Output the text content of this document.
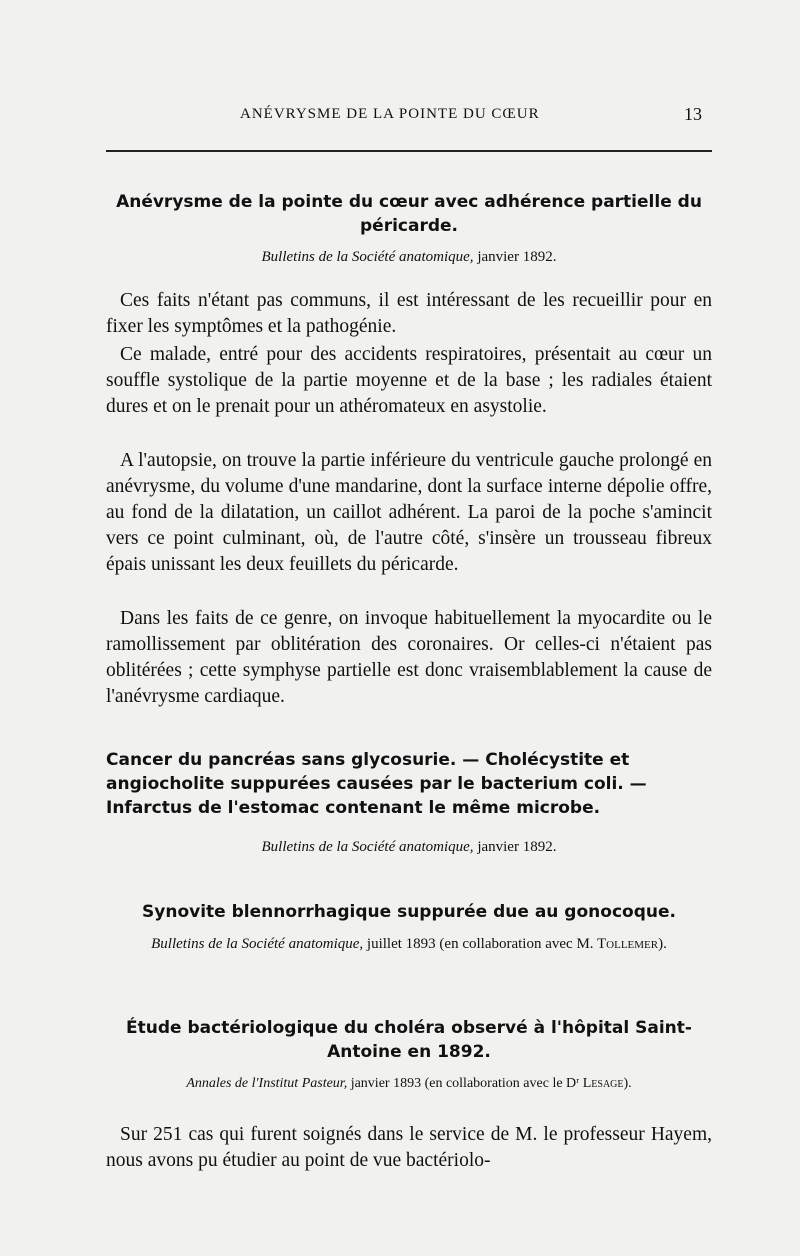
ANÉVRYSME DE LA POINTE DU CŒUR	13
Anévrysme de la pointe du cœur avec adhérence partielle du péricarde.

Bulletins de la Société anatomique, janvier 1892.

Ces faits n'étant pas communs, il est intéressant de les recueillir pour en fixer les symptômes et la pathogénie.

Ce malade, entré pour des accidents respiratoires, présentait au cœur un souffle systolique de la partie moyenne et de la base ; les radiales étaient dures et on le prenait pour un athéromateux en asystolie.

A l'autopsie, on trouve la partie inférieure du ventricule gauche prolongé en anévrysme, du volume d'une mandarine, dont la surface interne dépolie offre, au fond de la dilatation, un caillot adhérent. La paroi de la poche s'amincit vers ce point culminant, où, de l'autre côté, s'insère un trousseau fibreux épais unissant les deux feuillets du péricarde.

Dans les faits de ce genre, on invoque habituellement la myocardite ou le ramollissement par oblitération des coronaires. Or celles-ci n'étaient pas oblitérées ; cette symphyse partielle est donc vraisemblablement la cause de l'anévrysme cardiaque.

Cancer du pancréas sans glycosurie. — Cholécystite et angiocholite suppurées causées par le bacterium coli. — Infarctus de l'estomac contenant le même microbe.

Bulletins de la Société anatomique, janvier 1892.

Synovite blennorrhagique suppurée due au gonocoque.

Bulletins de la Société anatomique, juillet 1893 (en collaboration avec M. Tollemer).

Étude bactériologique du choléra observé à l'hôpital Saint-Antoine en 1892.

Annales de l'Institut Pasteur, janvier 1893 (en collaboration avec le Dʳ Lesage).

Sur 251 cas qui furent soignés dans le service de M. le professeur Hayem, nous avons pu étudier au point de vue bactériolo-
